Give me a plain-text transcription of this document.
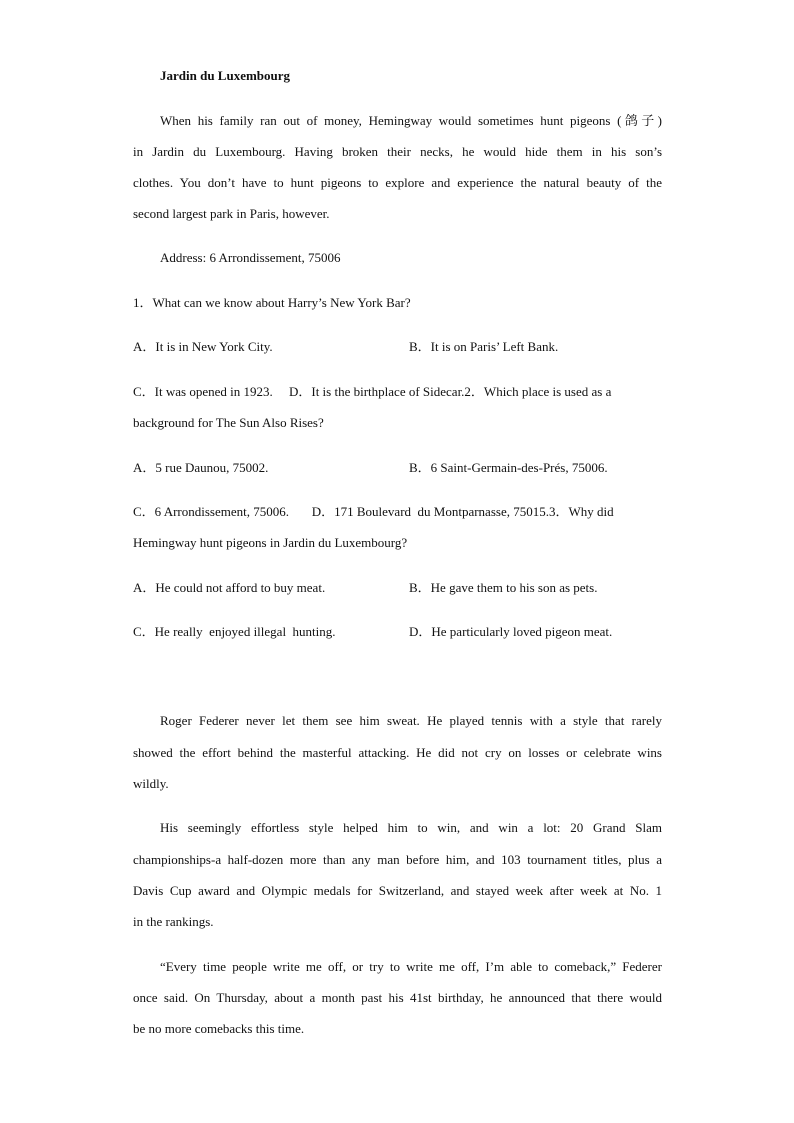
Jardin du Luxembourg
When his family ran out of money, Hemingway would sometimes hunt pigeons (鸽子)
in Jardin du Luxembourg. Having broken their necks, he would hide them in his son’s
clothes. You don’t have to hunt pigeons to explore and experience the natural beauty of the
second largest park in Paris, however.
Address: 6 Arrondissement, 75006
1．What can we know about Harry’s New York Bar?
A．It is in New York City.	B．It is on Paris’ Left Bank.
C．It was opened in 1923.     D．It is the birthplace of Sidecar.2．Which place is used as a
background for The Sun Also Rises?
A．5 rue Daunou, 75002.	B．6 Saint-Germain-des-Prés, 75006.
C．6 Arrondissement, 75006.       D．171 Boulevard  du Montparnasse, 75015.3．Why did
Hemingway hunt pigeons in Jardin du Luxembourg?
A．He could not afford to buy meat.	B．He gave them to his son as pets.
C．He really  enjoyed illegal  hunting.	D．He particularly loved pigeon meat.
Roger Federer never let them see him sweat. He played tennis with a style that rarely
showed the effort behind the masterful attacking. He did not cry on losses or celebrate wins
wildly.
His seemingly effortless style helped him to win, and win a lot: 20 Grand Slam
championships-a half-dozen more than any man before him, and 103 tournament titles, plus a
Davis Cup award and Olympic medals for Switzerland, and stayed week after week at No. 1
in the rankings.
“Every time people write me off, or try to write me off, I’m able to comeback,” Federer
once said. On Thursday, about a month past his 41st birthday, he announced that there would
be no more comebacks this time.
